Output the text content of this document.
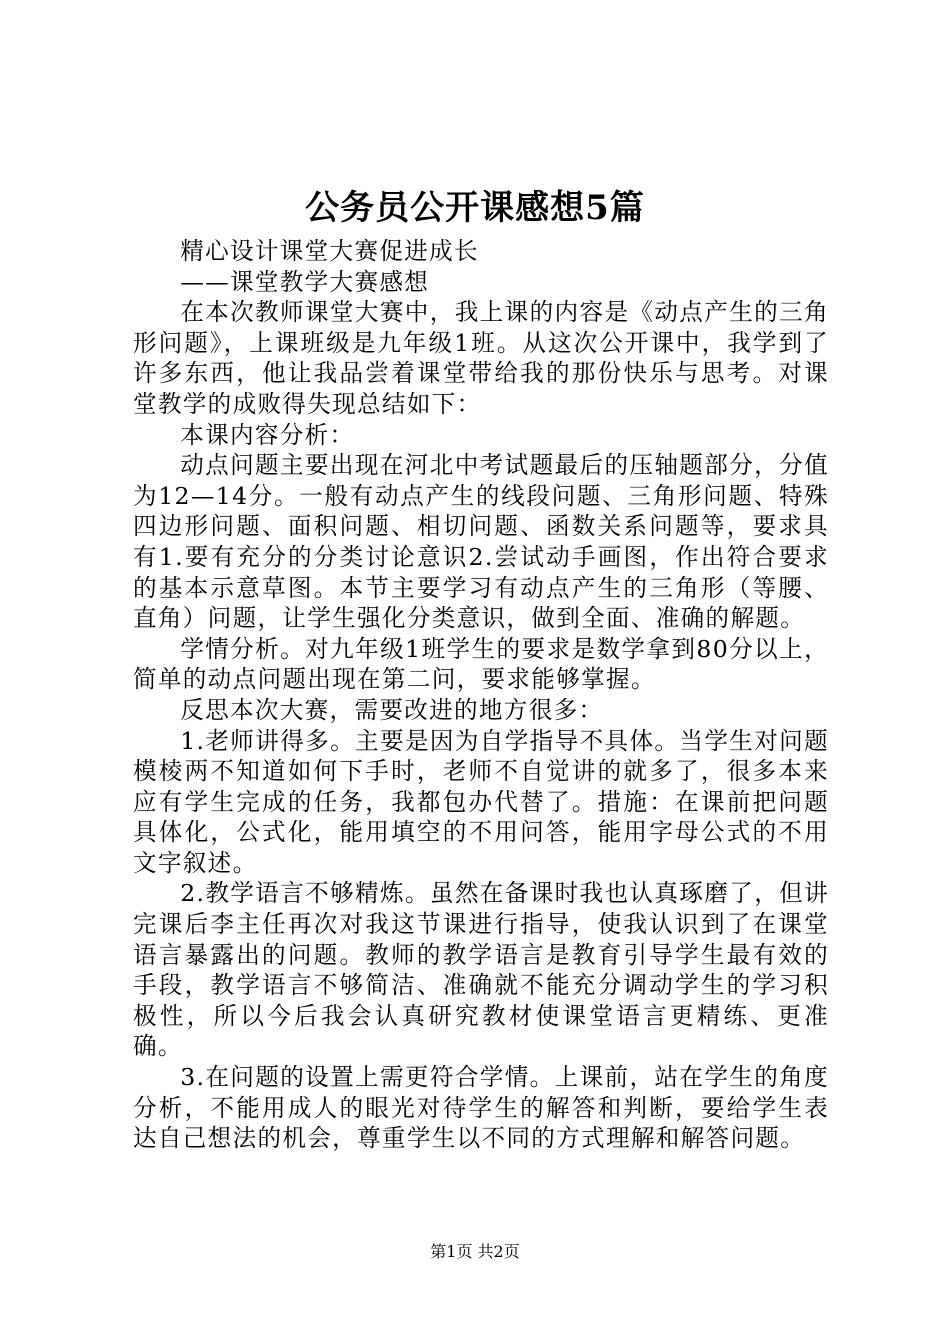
公务员公开课感想5篇

精心设计课堂大赛促进成长

——课堂教学大赛感想

在本次教师课堂大赛中，我上课的内容是《动点产生的三角形问题》，上课班级是九年级1班。从这次公开课中，我学到了许多东西，他让我品尝着课堂带给我的那份快乐与思考。对课堂教学的成败得失现总结如下：

本课内容分析：

动点问题主要出现在河北中考试题最后的压轴题部分，分值为12—14分。一般有动点产生的线段问题、三角形问题、特殊四边形问题、面积问题、相切问题、函数关系问题等，要求具有1.要有充分的分类讨论意识2.尝试动手画图，作出符合要求的基本示意草图。本节主要学习有动点产生的三角形（等腰、直角）问题，让学生强化分类意识，做到全面、准确的解题。

学情分析。对九年级1班学生的要求是数学拿到80分以上，简单的动点问题出现在第二问，要求能够掌握。

反思本次大赛，需要改进的地方很多：

1.老师讲得多。主要是因为自学指导不具体。当学生对问题模棱两不知道如何下手时，老师不自觉讲的就多了，很多本来应有学生完成的任务，我都包办代替了。措施：在课前把问题具体化，公式化，能用填空的不用问答，能用字母公式的不用文字叙述。

2.教学语言不够精炼。虽然在备课时我也认真琢磨了，但讲完课后李主任再次对我这节课进行指导，使我认识到了在课堂语言暴露出的问题。教师的教学语言是教育引导学生最有效的手段，教学语言不够简洁、准确就不能充分调动学生的学习积极性，所以今后我会认真研究教材使课堂语言更精练、更准确。

3.在问题的设置上需更符合学情。上课前，站在学生的角度分析，不能用成人的眼光对待学生的解答和判断，要给学生表达自己想法的机会，尊重学生以不同的方式理解和解答问题。

第1页 共2页
